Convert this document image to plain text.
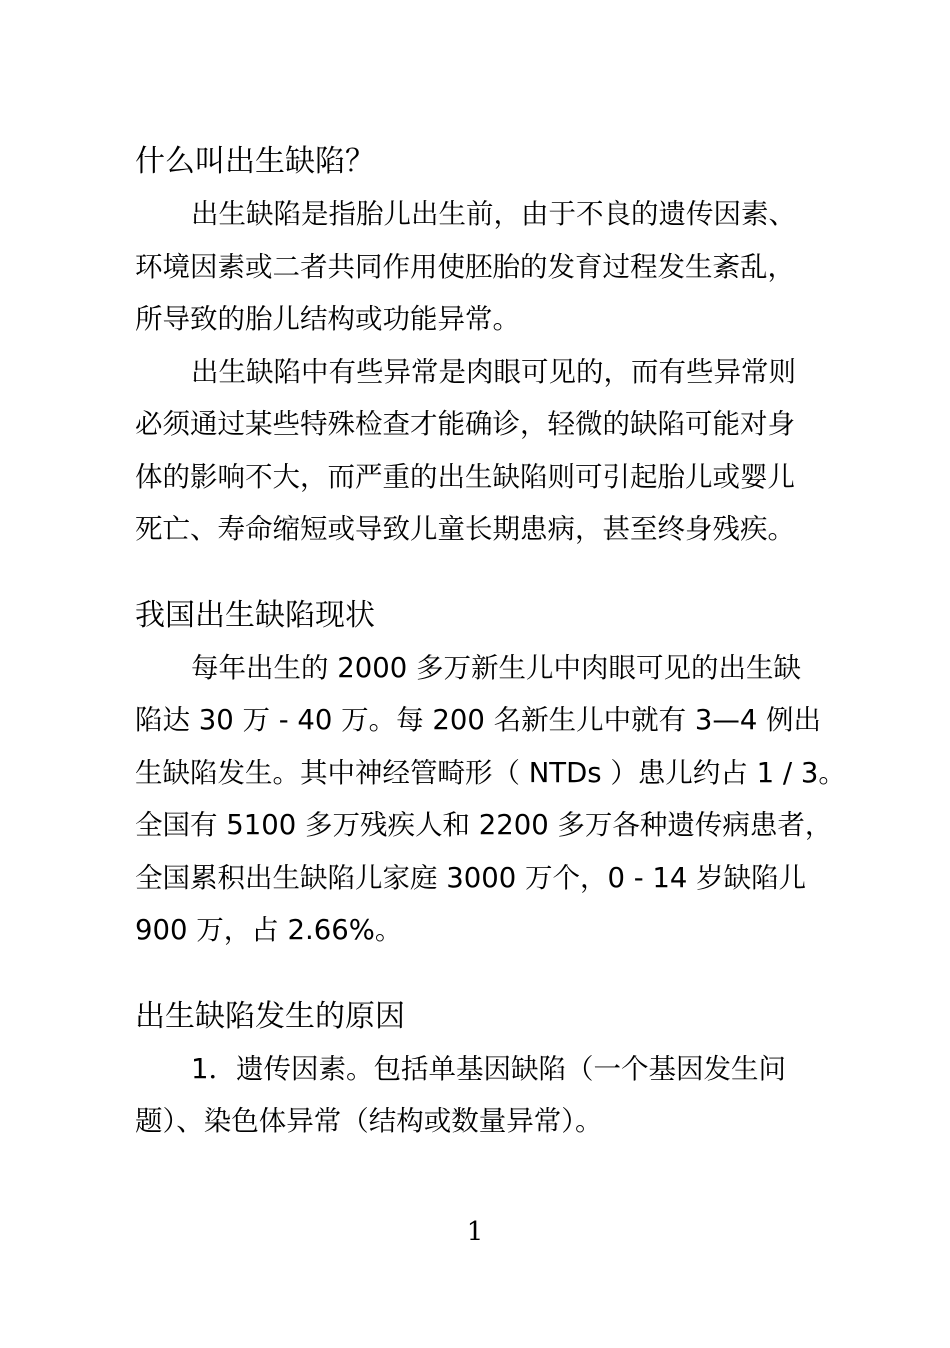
什么叫出生缺陷？

出生缺陷是指胎儿出生前，由于不良的遗传因素、
环境因素或二者共同作用使胚胎的发育过程发生紊乱，
所导致的胎儿结构或功能异常。

出生缺陷中有些异常是肉眼可见的，而有些异常则
必须通过某些特殊检查才能确诊，轻微的缺陷可能对身
体的影响不大，而严重的出生缺陷则可引起胎儿或婴儿
死亡、寿命缩短或导致儿童长期患病，甚至终身残疾。

我国出生缺陷现状

每年出生的 2000 多万新生儿中肉眼可见的出生缺
陷达 30 万 - 40 万。每 200 名新生儿中就有 3—4 例出
生缺陷发生。其中神经管畸形（ NTDs ）患儿约占 1 / 3。
全国有 5100 多万残疾人和 2200 多万各种遗传病患者，
全国累积出生缺陷儿家庭 3000 万个，0 - 14 岁缺陷儿
900 万，占 2.66%。

出生缺陷发生的原因

1．遗传因素。包括单基因缺陷（一个基因发生问
题）、染色体异常（结构或数量异常）。

1
